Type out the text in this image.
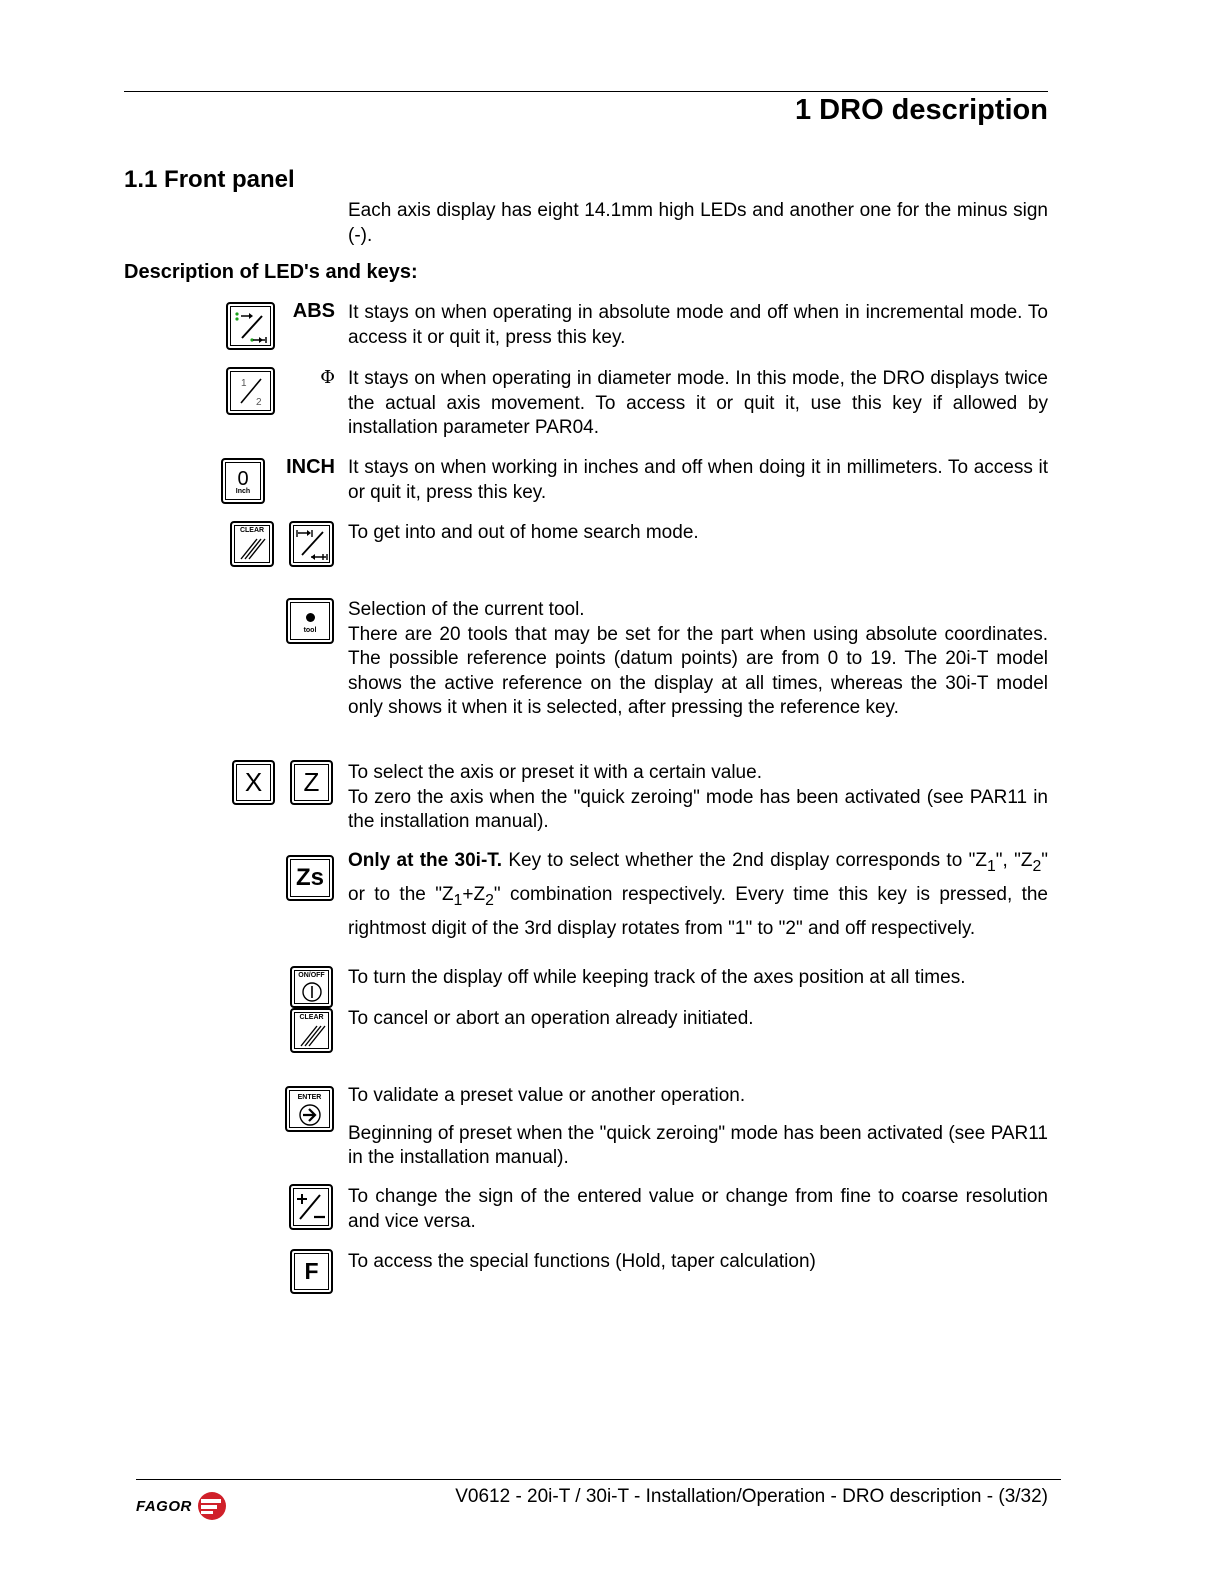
1 DRO description
1.1 Front panel
Each axis display has eight 14.1mm high LEDs and another one for the minus sign (-).
Description of LED's and keys:
ABS It stays on when operating in absolute mode and off when in incremental mode. To access it or quit it, press this key.
1
2
Φ It stays on when operating in diameter mode. In this mode, the DRO displays twice the actual axis movement. To access it or quit it, use this key if allowed by installation parameter PAR04.
0
Inch
INCH It stays on when working in inches and off when doing it in millimeters. To access it or quit it, press this key.
CLEAR	To get into and out of home search mode.
tool

Selection of the current tool.

There are 20 tools that may be set for the part when using absolute coordinates. The possible reference points (datum points) are from 0 to 19. The 20i-T model shows the active reference on the display at all times, whereas the 30i-T model only shows it when it is selected, after pressing the reference key.

X Z To select the axis or preset it with a certain value.

To zero the axis when the "quick zeroing" mode has been activated (see PAR11 in the installation manual).

Zs
Only at the 30i-T. Key to select whether the 2nd display corresponds to "$Z_1$", "$Z_2$" or to the "$Z_1+Z_2$" combination respectively. Every time this key is pressed, the rightmost digit of the 3rd display rotates from "1" to "2" and off respectively.
ON/OFF To turn the display off while keeping track of the axes position at all times.
CLEAR To cancel or abort an operation already initiated.
ENTER To validate a preset value or another operation.

Beginning of preset when the "quick zeroing" mode has been activated (see PAR11 in the installation manual).

To change the sign of the entered value or change from fine to coarse resolution and vice versa.
F To access the special functions (Hold, taper calculation)
FAGOR	V0612 - 20i-T / 30i-T - Installation/Operation - DRO description - (3/32)
